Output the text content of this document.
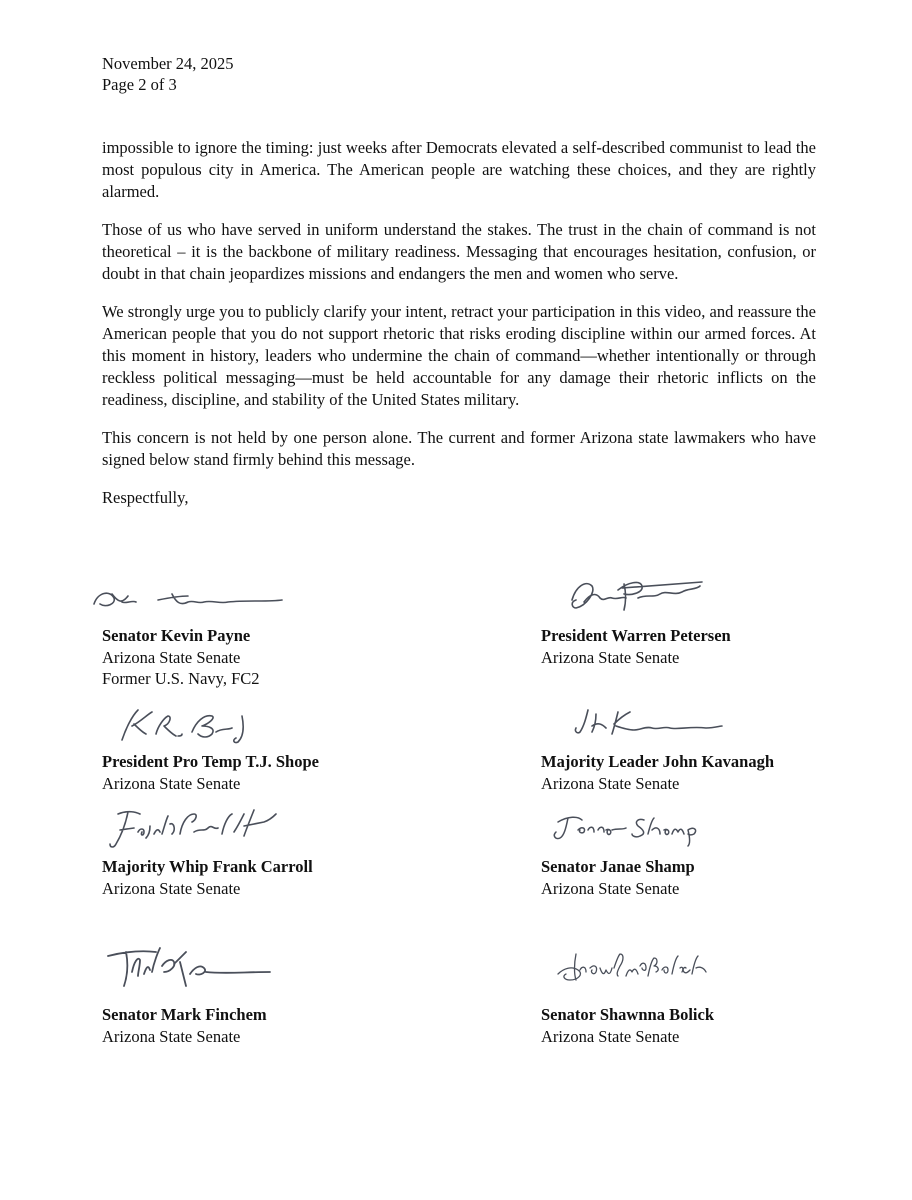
November 24, 2025
Page 2 of 3

impossible to ignore the timing: just weeks after Democrats elevated a self-described communist to lead the most populous city in America. The American people are watching these choices, and they are rightly alarmed.

Those of us who have served in uniform understand the stakes. The trust in the chain of command is not theoretical – it is the backbone of military readiness. Messaging that encourages hesitation, confusion, or doubt in that chain jeopardizes missions and endangers the men and women who serve.

We strongly urge you to publicly clarify your intent, retract your participation in this video, and reassure the American people that you do not support rhetoric that risks eroding discipline within our armed forces. At this moment in history, leaders who undermine the chain of command—whether intentionally or through reckless political messaging—must be held accountable for any damage their rhetoric inflicts on the readiness, discipline, and stability of the United States military.

This concern is not held by one person alone. The current and former Arizona state lawmakers who have signed below stand firmly behind this message.

Respectfully,

Senator Kevin Payne
Arizona State Senate
Former U.S. Navy, FC2
President Warren Petersen
Arizona State Senate
President Pro Temp T.J. Shope
Arizona State Senate
Majority Leader John Kavanagh
Arizona State Senate
Majority Whip Frank Carroll
Arizona State Senate
Senator Janae Shamp
Arizona State Senate
Senator Mark Finchem
Arizona State Senate
Senator Shawnna Bolick
Arizona State Senate
